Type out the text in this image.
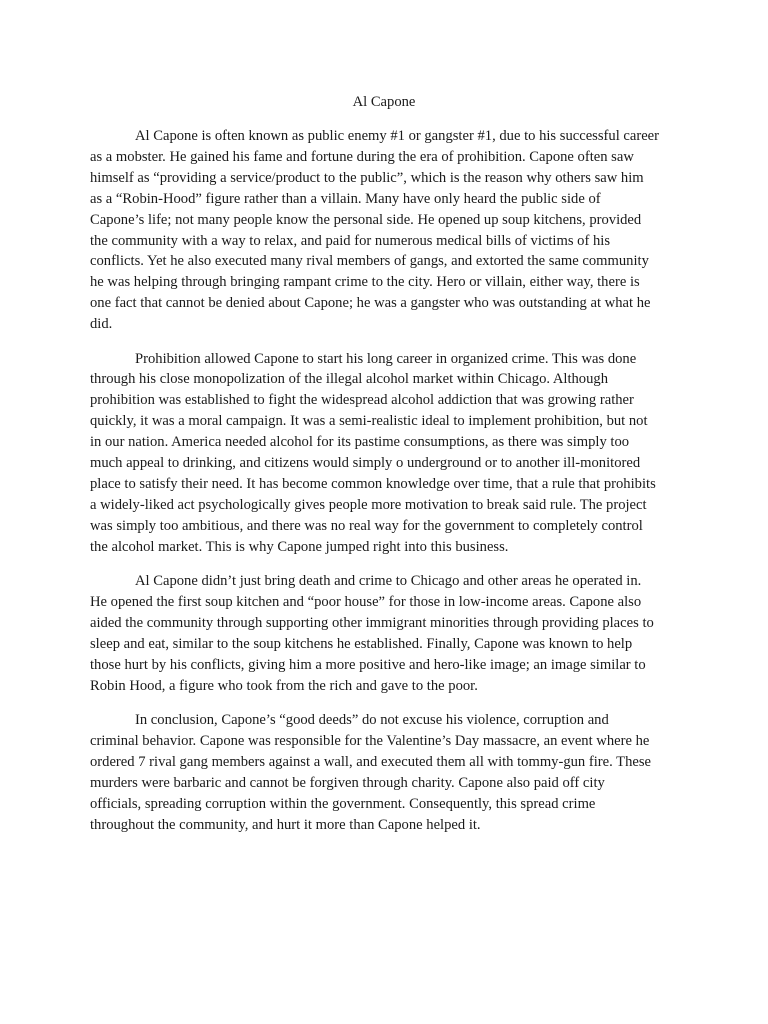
Al Capone
Al Capone is often known as public enemy #1 or gangster #1, due to his successful career
as a mobster. He gained his fame and fortune during the era of prohibition. Capone often saw
himself as “providing a service/product to the public”, which is the reason why others saw him
as a “Robin-Hood” figure rather than a villain. Many have only heard the public side of
Capone’s life; not many people know the personal side. He opened up soup kitchens, provided
the community with a way to relax, and paid for numerous medical bills of victims of his
conflicts. Yet he also executed many rival members of gangs, and extorted the same community
he was helping through bringing rampant crime to the city. Hero or villain, either way, there is
one fact that cannot be denied about Capone; he was a gangster who was outstanding at what he
did.
Prohibition allowed Capone to start his long career in organized crime. This was done
through his close monopolization of the illegal alcohol market within Chicago. Although
prohibition was established to fight the widespread alcohol addiction that was growing rather
quickly, it was a moral campaign. It was a semi-realistic ideal to implement prohibition, but not
in our nation. America needed alcohol for its pastime consumptions, as there was simply too
much appeal to drinking, and citizens would simply o underground or to another ill-monitored
place to satisfy their need. It has become common knowledge over time, that a rule that prohibits
a widely-liked act psychologically gives people more motivation to break said rule. The project
was simply too ambitious, and there was no real way for the government to completely control
the alcohol market. This is why Capone jumped right into this business.
Al Capone didn’t just bring death and crime to Chicago and other areas he operated in.
He opened the first soup kitchen and “poor house” for those in low-income areas. Capone also
aided the community through supporting other immigrant minorities through providing places to
sleep and eat, similar to the soup kitchens he established. Finally, Capone was known to help
those hurt by his conflicts, giving him a more positive and hero-like image; an image similar to
Robin Hood, a figure who took from the rich and gave to the poor.
In conclusion, Capone’s “good deeds” do not excuse his violence, corruption and
criminal behavior. Capone was responsible for the Valentine’s Day massacre, an event where he
ordered 7 rival gang members against a wall, and executed them all with tommy-gun fire. These
murders were barbaric and cannot be forgiven through charity. Capone also paid off city
officials, spreading corruption within the government. Consequently, this spread crime
throughout the community, and hurt it more than Capone helped it.
